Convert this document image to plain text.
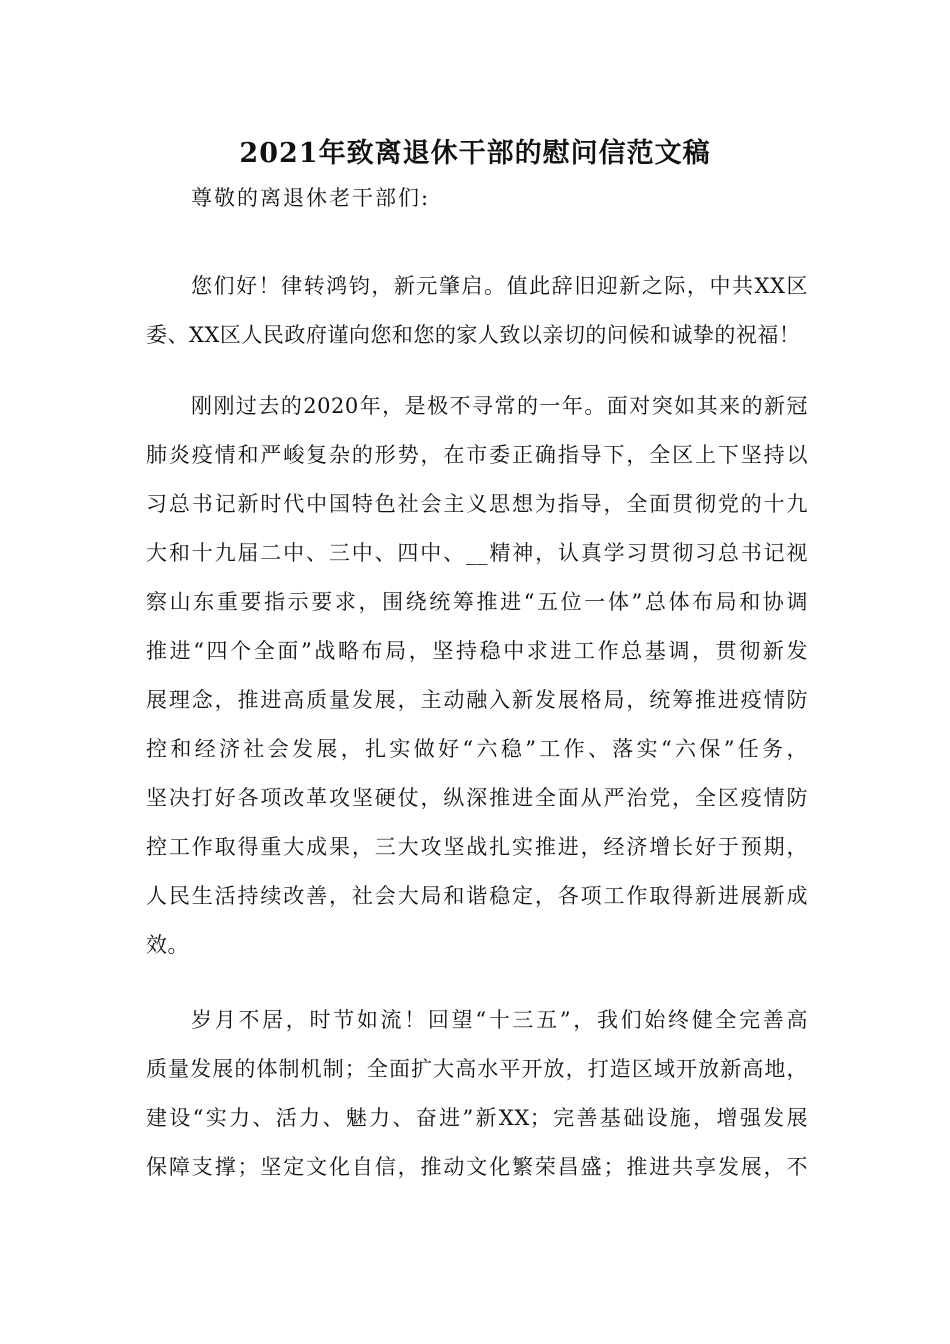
2021年致离退休干部的慰问信范文稿
尊敬的离退休老干部们:
您们好！律转鸿钧，新元肇启。值此辞旧迎新之际，中共XX区
委、XX区人民政府谨向您和您的家人致以亲切的问候和诚挚的祝福！
刚刚过去的2020年，是极不寻常的一年。面对突如其来的新冠
肺炎疫情和严峻复杂的形势，在市委正确指导下，全区上下坚持以
习总书记新时代中国特色社会主义思想为指导，全面贯彻党的十九
大和十九届二中、三中、四中、__精神，认真学习贯彻习总书记视
察山东重要指示要求，围绕统筹推进“五位一体”总体布局和协调
推进“四个全面”战略布局，坚持稳中求进工作总基调，贯彻新发
展理念，推进高质量发展，主动融入新发展格局，统筹推进疫情防
控和经济社会发展，扎实做好“六稳”工作、落实“六保”任务，
坚决打好各项改革攻坚硬仗，纵深推进全面从严治党，全区疫情防
控工作取得重大成果，三大攻坚战扎实推进，经济增长好于预期，
人民生活持续改善，社会大局和谐稳定，各项工作取得新进展新成
效。
岁月不居，时节如流！回望“十三五”，我们始终健全完善高
质量发展的体制机制；全面扩大高水平开放，打造区域开放新高地，
建设“实力、活力、魅力、奋进”新XX；完善基础设施，增强发展
保障支撑；坚定文化自信，推动文化繁荣昌盛；推进共享发展，不
